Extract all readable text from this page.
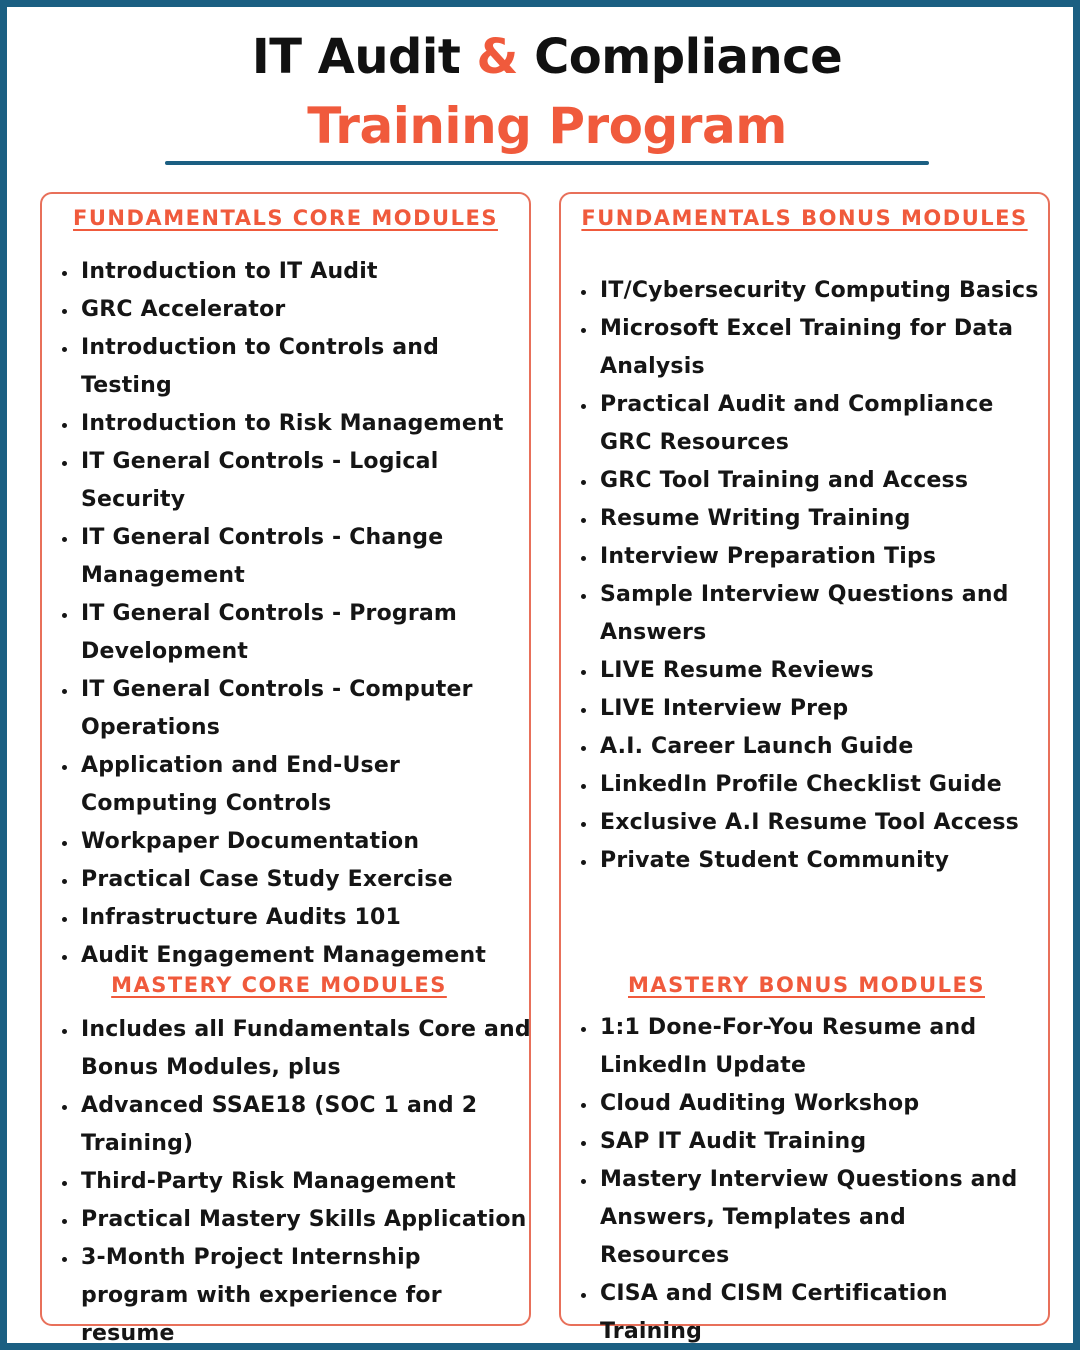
IT Audit & Compliance
Training Program
FUNDAMENTALS CORE MODULES
Introduction to IT Audit
GRC Accelerator
Introduction to Controls and Testing
Introduction to Risk Management
IT General Controls - Logical Security
IT General Controls - Change Management
IT General Controls - Program Development
IT General Controls - Computer Operations
Application and End-User Computing Controls
Workpaper Documentation
Practical Case Study Exercise
Infrastructure Audits 101
Audit Engagement Management
MASTERY CORE MODULES
Includes all Fundamentals Core and Bonus Modules, plus
Advanced SSAE18 (SOC 1 and 2 Training)
Third-Party Risk Management
Practical Mastery Skills Application
3-Month Project Internship program with experience for resume
FUNDAMENTALS BONUS MODULES
IT/Cybersecurity Computing Basics
Microsoft Excel Training for Data Analysis
Practical Audit and Compliance GRC Resources
GRC Tool Training and Access
Resume Writing Training
Interview Preparation Tips
Sample Interview Questions and Answers
LIVE Resume Reviews
LIVE Interview Prep
A.I. Career Launch Guide
LinkedIn Profile Checklist Guide
Exclusive A.I Resume Tool Access
Private Student Community
MASTERY BONUS MODULES
1:1 Done-For-You Resume and LinkedIn Update
Cloud Auditing Workshop
SAP IT Audit Training
Mastery Interview Questions and Answers, Templates and Resources
CISA and CISM Certification Training
